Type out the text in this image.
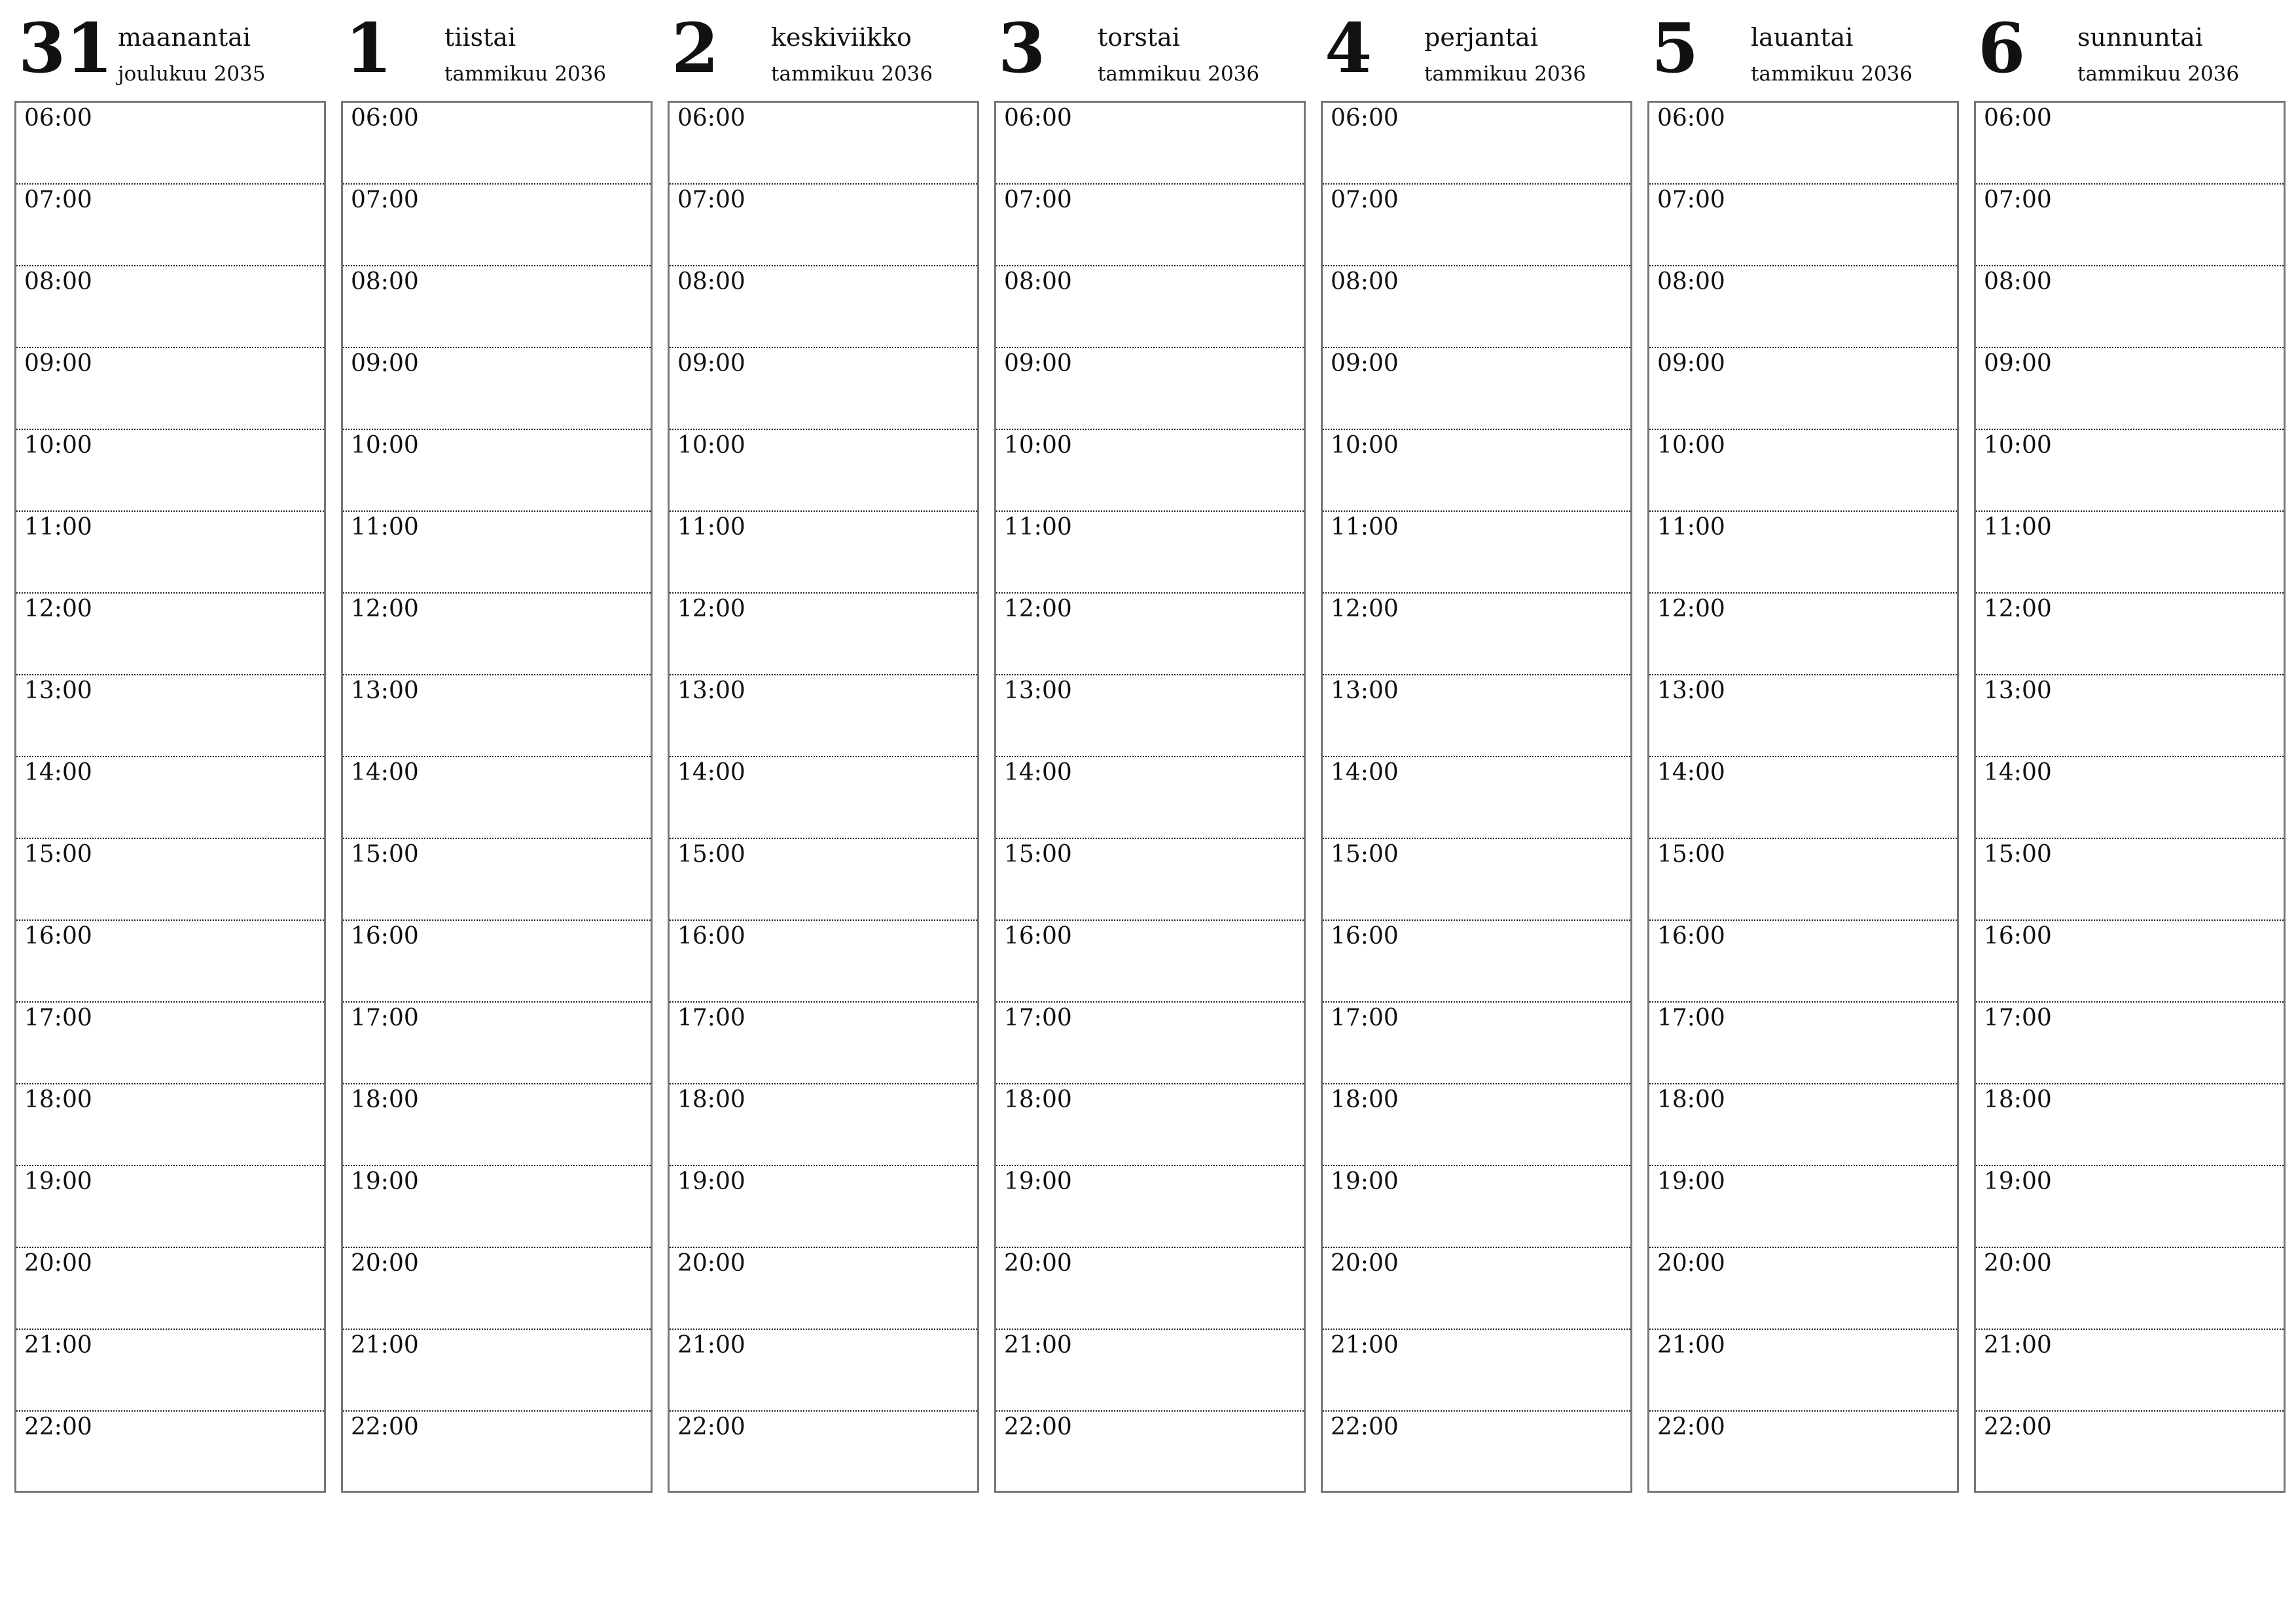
31 maanantai
joulukuu 2035
06:00
07:00
08:00
09:00
10:00
11:00
12:00
13:00
14:00
15:00
16:00
17:00
18:00
19:00
20:00
21:00
22:00
1 tiistai
tammikuu 2036
06:00
07:00
08:00
09:00
10:00
11:00
12:00
13:00
14:00
15:00
16:00
17:00
18:00
19:00
20:00
21:00
22:00
2 keskiviikko
tammikuu 2036
06:00
07:00
08:00
09:00
10:00
11:00
12:00
13:00
14:00
15:00
16:00
17:00
18:00
19:00
20:00
21:00
22:00
3 torstai
tammikuu 2036
06:00
07:00
08:00
09:00
10:00
11:00
12:00
13:00
14:00
15:00
16:00
17:00
18:00
19:00
20:00
21:00
22:00
4 perjantai
tammikuu 2036
06:00
07:00
08:00
09:00
10:00
11:00
12:00
13:00
14:00
15:00
16:00
17:00
18:00
19:00
20:00
21:00
22:00
5 lauantai
tammikuu 2036
06:00
07:00
08:00
09:00
10:00
11:00
12:00
13:00
14:00
15:00
16:00
17:00
18:00
19:00
20:00
21:00
22:00
6 sunnuntai
tammikuu 2036
06:00
07:00
08:00
09:00
10:00
11:00
12:00
13:00
14:00
15:00
16:00
17:00
18:00
19:00
20:00
21:00
22:00
